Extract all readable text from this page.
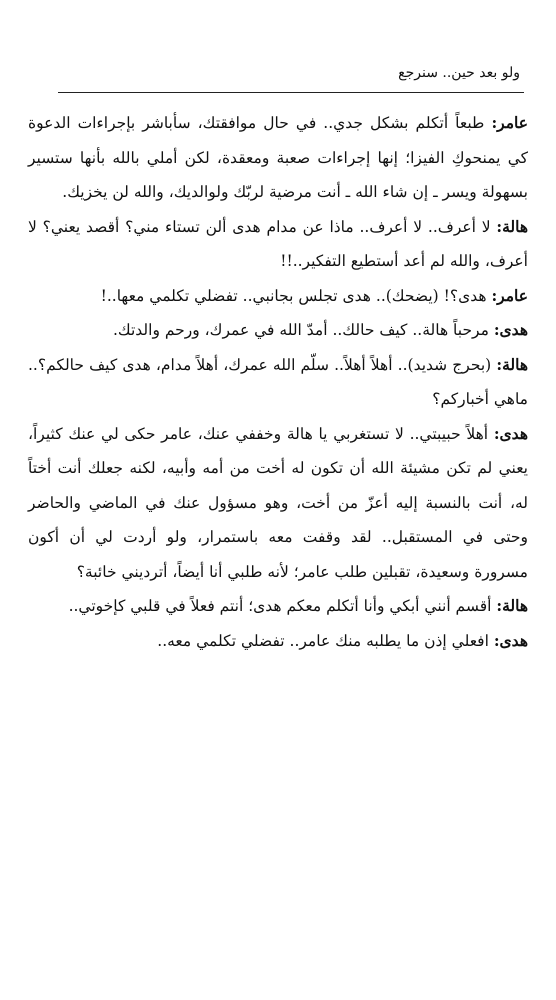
ولو بعد حين.. سنرجع

عامر: طبعاً أتكلم بشكل جدي.. في حال موافقتك، سأباشر بإجراءات الدعوة كي يمنحوكِ الفيزا؛ إنها إجراءات صعبة ومعقدة، لكن أملي بالله بأنها ستسير بسهولة ويسر ـ إن شاء الله ـ أنت مرضية لربّك ولوالديك، والله لن يخزيك.

هالة: لا أعرف.. لا أعرف.. ماذا عن مدام هدى ألن تستاء مني؟ أقصد يعني؟ لا أعرف، والله لم أعد أستطيع التفكير..!!

عامر: هدى؟! (يضحك).. هدى تجلس بجانبي.. تفضلي تكلمي معها..!

هدى: مرحباً هالة.. كيف حالك.. أمدّ الله في عمرك، ورحم والدتك.

هالة: (بحرج شديد).. أهلاً أهلاً.. سلّم الله عمرك، أهلاً مدام، هدى كيف حالكم؟.. ماهي أخباركم؟

هدى: أهلاً حبيبتي.. لا تستغربي يا هالة وخففي عنك، عامر حكى لي عنك كثيراً، يعني لم تكن مشيئة الله أن تكون له أخت من أمه وأبيه، لكنه جعلك أنت أختاً له، أنت بالنسبة إليه أعزّ من أخت، وهو مسؤول عنك في الماضي والحاضر وحتى في المستقبل.. لقد وقفت معه باستمرار، ولو أردت لي أن أكون مسرورة وسعيدة، تقبلين طلب عامر؛ لأنه طلبي أنا أيضاً، أترديني خائبة؟

هالة: أقسم أنني أبكي وأنا أتكلم معكم هدى؛ أنتم فعلاً في قلبي كإخوتي..

هدى: افعلي إذن ما يطلبه منك عامر.. تفضلي تكلمي معه..
